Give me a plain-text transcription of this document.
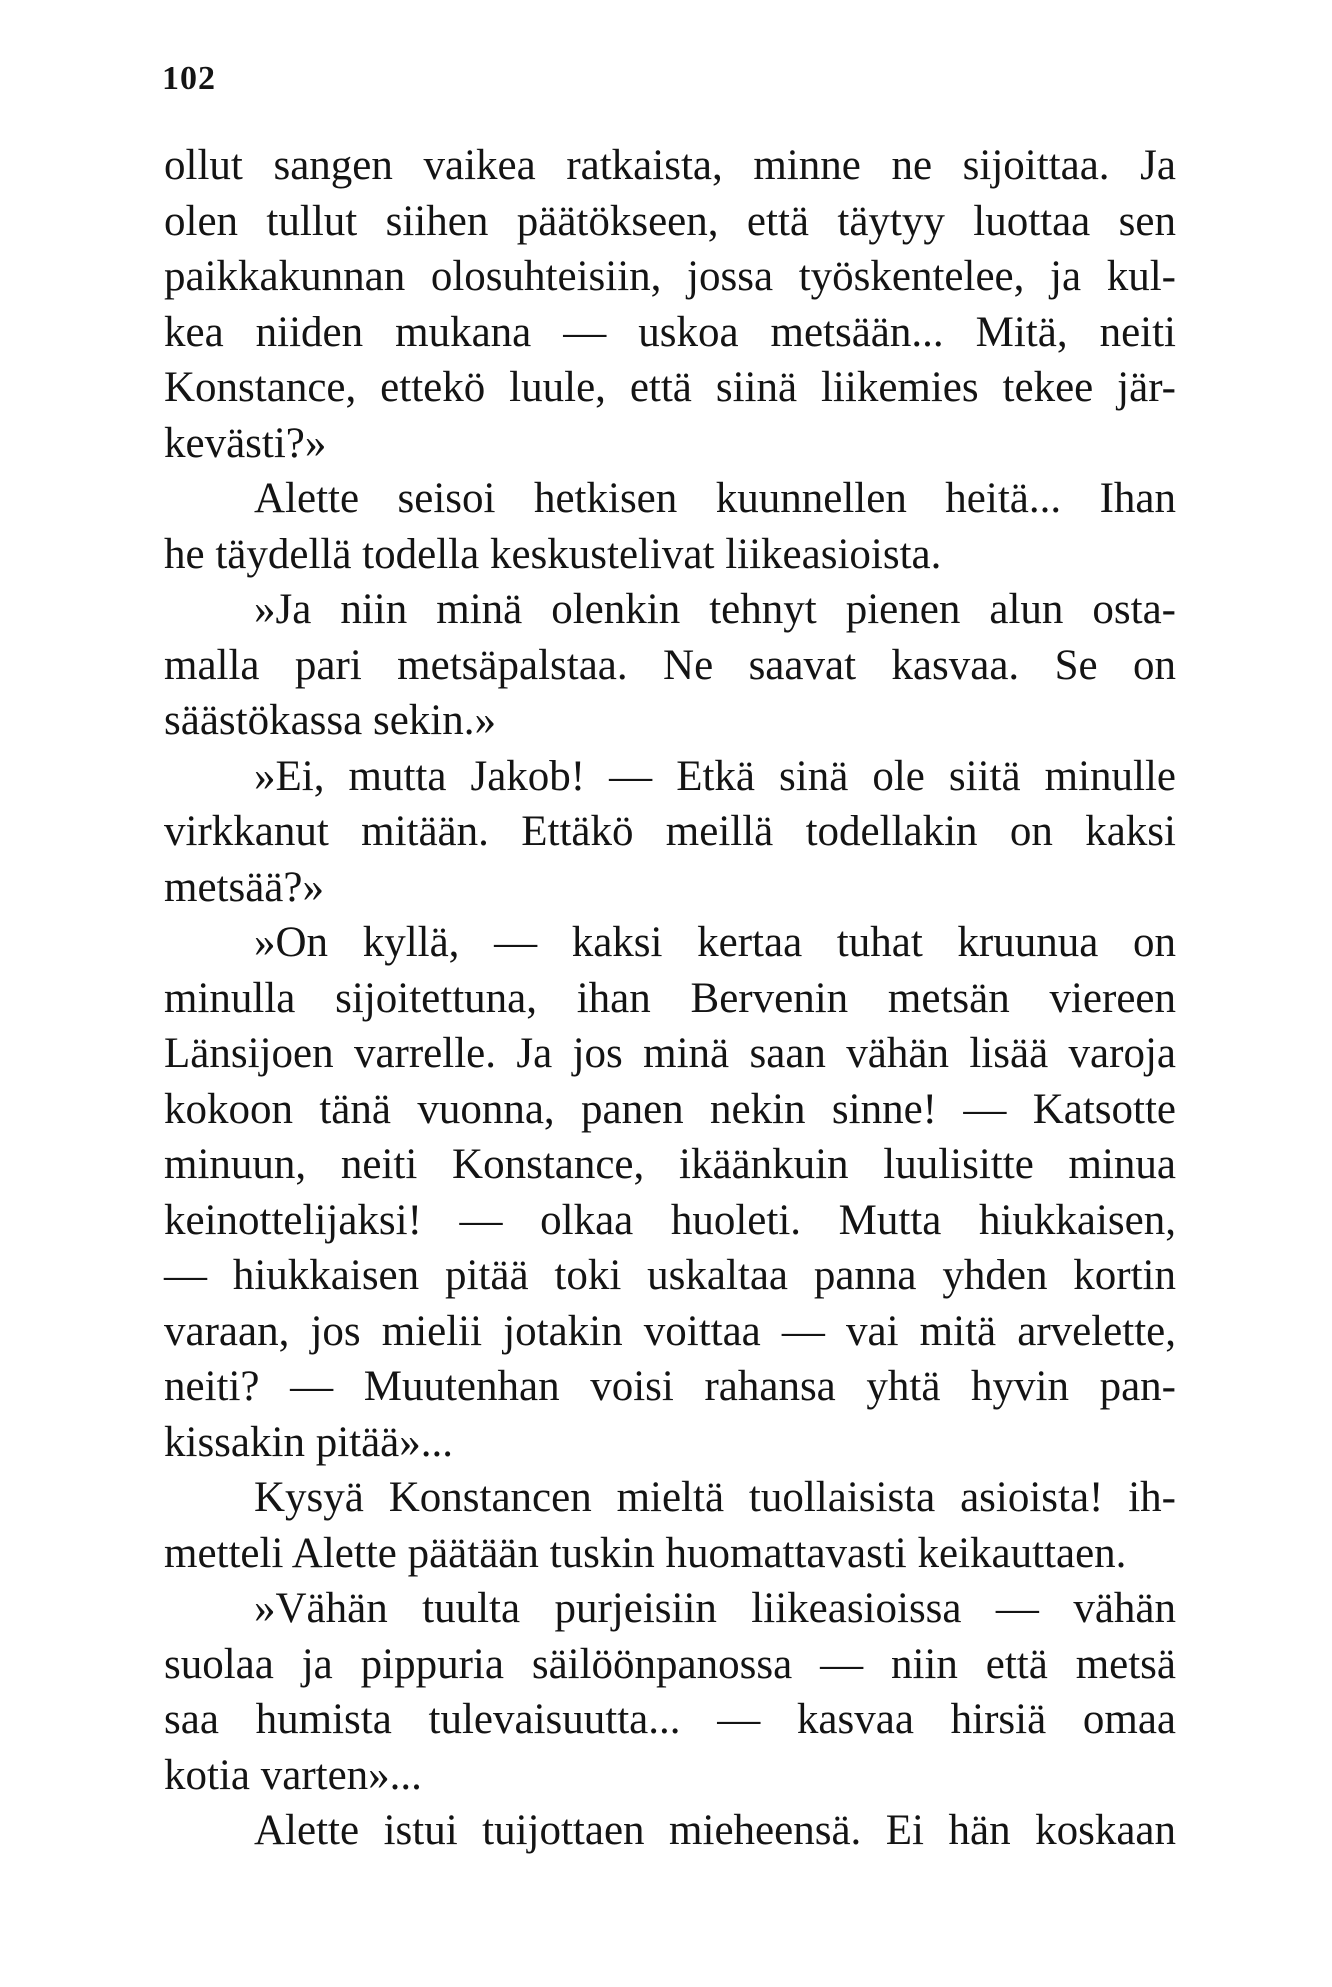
102
ollut sangen vaikea ratkaista, minne ne sijoittaa. Ja
olen tullut siihen päätökseen, että täytyy luottaa sen
paikkakunnan olosuhteisiin, jossa työskentelee, ja kul-
kea niiden mukana — uskoa metsään... Mitä, neiti
Konstance, ettekö luule, että siinä liikemies tekee jär-
kevästi?»
Alette seisoi hetkisen kuunnellen heitä... Ihan
he täydellä todella keskustelivat liikeasioista.
»Ja niin minä olenkin tehnyt pienen alun osta-
malla pari metsäpalstaa. Ne saavat kasvaa. Se on
säästökassa sekin.»
»Ei, mutta Jakob! — Etkä sinä ole siitä minulle
virkkanut mitään. Ettäkö meillä todellakin on kaksi
metsää?»
»On kyllä, — kaksi kertaa tuhat kruunua on
minulla sijoitettuna, ihan Bervenin metsän viereen
Länsijoen varrelle. Ja jos minä saan vähän lisää varoja
kokoon tänä vuonna, panen nekin sinne! — Katsotte
minuun, neiti Konstance, ikäänkuin luulisitte minua
keinottelijaksi! — olkaa huoleti. Mutta hiukkaisen,
— hiukkaisen pitää toki uskaltaa panna yhden kortin
varaan, jos mielii jotakin voittaa — vai mitä arvelette,
neiti? — Muutenhan voisi rahansa yhtä hyvin pan-
kissakin pitää»...
Kysyä Konstancen mieltä tuollaisista asioista! ih-
metteli Alette päätään tuskin huomattavasti keikauttaen.
»Vähän tuulta purjeisiin liikeasioissa — vähän
suolaa ja pippuria säilöönpanossa — niin että metsä
saa humista tulevaisuutta... — kasvaa hirsiä omaa
kotia varten»...
Alette istui tuijottaen mieheensä. Ei hän koskaan
